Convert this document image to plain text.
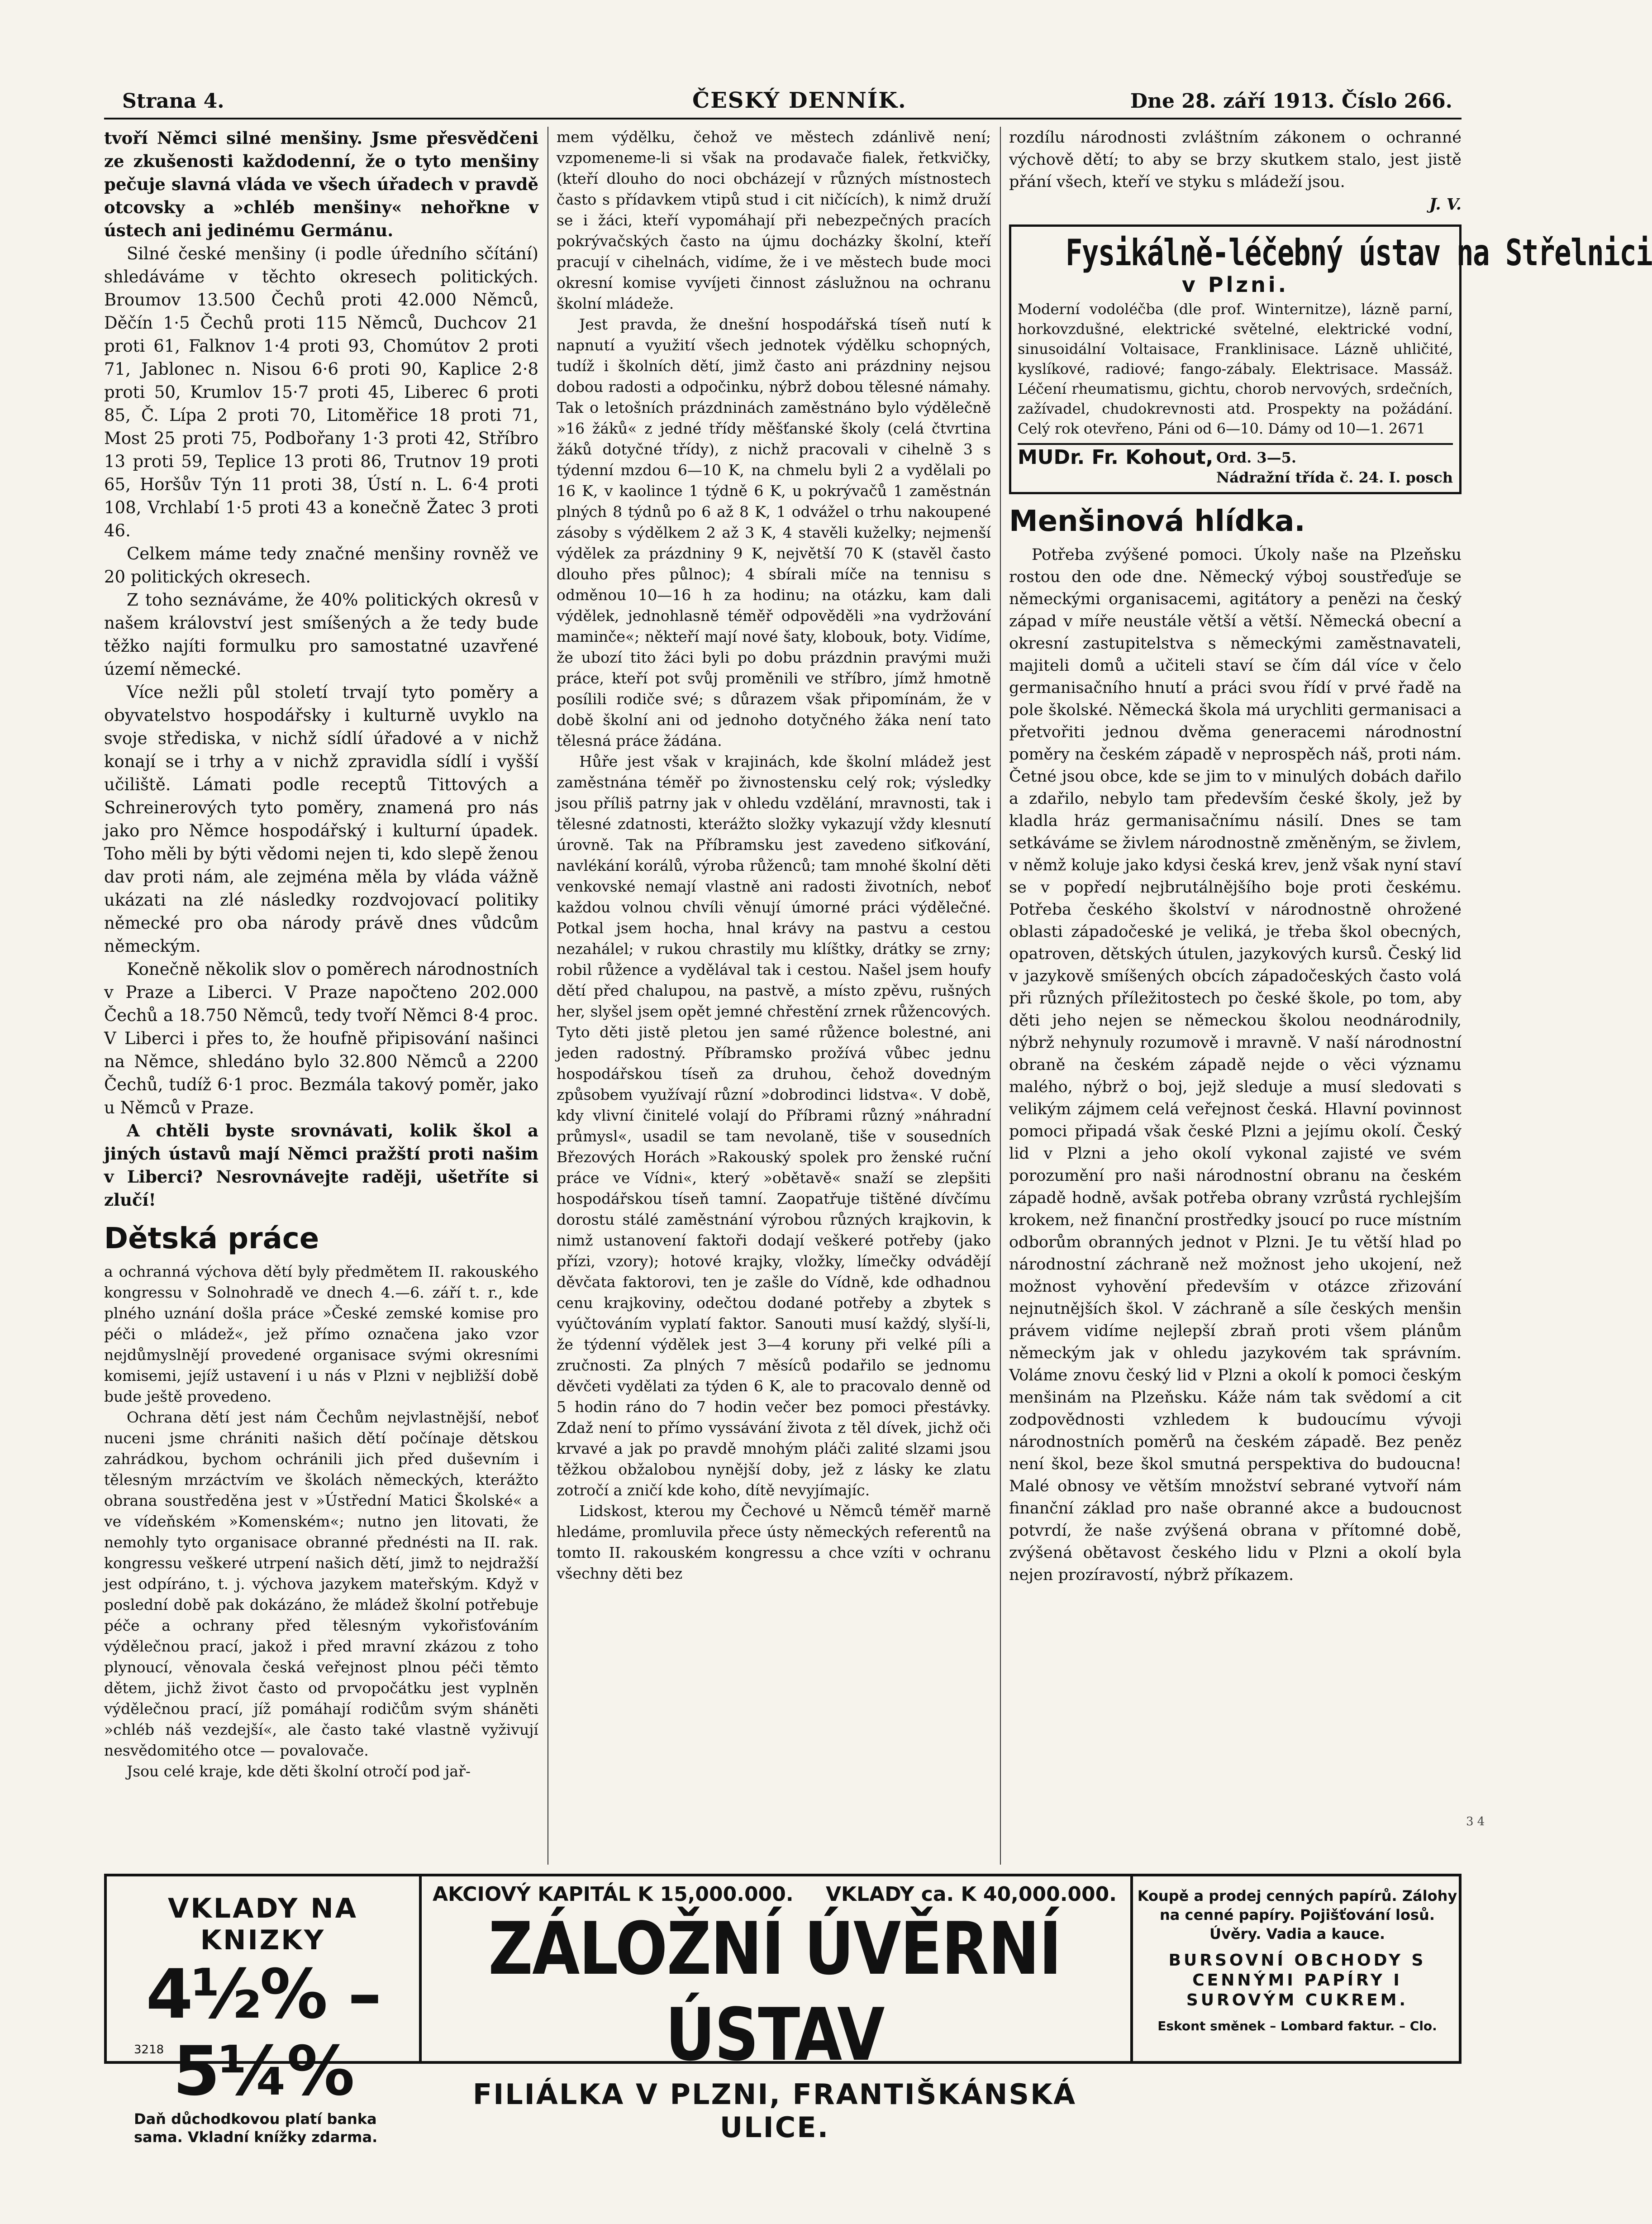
Strana 4.	ČESKÝ DENNÍK.	Dne 28. září 1913. Číslo 266.

tvoří Němci silné menšiny. Jsme přesvědčeni ze zkušenosti každodenní, že o tyto menšiny pečuje slavná vláda ve všech úřadech v pravdě otcovsky a »chléb menšiny« nehořkne v ústech ani jedinému Germánu.

Silné české menšiny (i podle úředního sčítání) shledáváme v těchto okresech politických. Broumov 13.500 Čechů proti 42.000 Němců, Děčín 1·5 Čechů proti 115 Němců, Duchcov 21 proti 61, Falknov 1·4 proti 93, Chomútov 2 proti 71, Jablonec n. Nisou 6·6 proti 90, Kaplice 2·8 proti 50, Krumlov 15·7 proti 45, Liberec 6 proti 85, Č. Lípa 2 proti 70, Litoměřice 18 proti 71, Most 25 proti 75, Podbořany 1·3 proti 42, Stříbro 13 proti 59, Teplice 13 proti 86, Trutnov 19 proti 65, Horšův Týn 11 proti 38, Ústí n. L. 6·4 proti 108, Vrchlabí 1·5 proti 43 a konečně Žatec 3 proti 46.

Celkem máme tedy značné menšiny rovněž ve 20 politických okresech.

Z toho seznáváme, že 40% politických okresů v našem království jest smíšených a že tedy bude těžko najíti formulku pro samostatné uzavřené území německé.

Více nežli půl století trvají tyto poměry a obyvatelstvo hospodářsky i kulturně uvyklo na svoje střediska, v nichž sídlí úřadové a v nichž konají se i trhy a v nichž zpravidla sídlí i vyšší učiliště. Lámati podle receptů Tittových a Schreinerových tyto poměry, znamená pro nás jako pro Němce hospodářský i kulturní úpadek. Toho měli by býti vědomi nejen ti, kdo slepě ženou dav proti nám, ale zejména měla by vláda vážně ukázati na zlé následky rozdvojovací politiky německé pro oba národy právě dnes vůdcům německým.

Konečně několik slov o poměrech národnostních v Praze a Liberci. V Praze napočteno 202.000 Čechů a 18.750 Němců, tedy tvoří Němci 8·4 proc. V Liberci i přes to, že houfně připisování našinci na Němce, shledáno bylo 32.800 Němců a 2200 Čechů, tudíž 6·1 proc. Bezmála takový poměr, jako u Němců v Praze.

A chtěli byste srovnávati, kolik škol a jiných ústavů mají Němci pražští proti našim v Liberci? Nesrovnávejte raději, ušetříte si zlučí!

Dětská práce

a ochranná výchova dětí byly předmětem II. rakouského kongressu v Solnohradě ve dnech 4.—6. září t. r., kde plného uznání došla práce »České zemské komise pro péči o mládež«, jež přímo označena jako vzor nejdůmyslnějí provedené organisace svými okresními komisemi, jejíž ustavení i u nás v Plzni v nejbližší době bude ještě provedeno.

Ochrana dětí jest nám Čechům nejvlastnější, neboť nuceni jsme chrániti našich dětí počínaje dětskou zahrádkou, bychom ochránili jich před duševním i tělesným mrzáctvím ve školách německých, kterážto obrana soustředěna jest v »Ústřední Matici Školské« a ve vídeňském »Komenském«; nutno jen litovati, že nemohly tyto organisace obranné přednésti na II. rak. kongressu veškeré utrpení našich dětí, jimž to nejdražší jest odpíráno, t. j. výchova jazykem mateřským. Když v poslední době pak dokázáno, že mládež školní potřebuje péče a ochrany před tělesným vykořisťováním výdělečnou prací, jakož i před mravní zkázou z toho plynoucí, věnovala česká veřejnost plnou péči těmto dětem, jichž život často od prvopočátku jest vyplněn výdělečnou prací, jíž pomáhají rodičům svým sháněti »chléb náš vezdejší«, ale často také vlastně vyživují nesvědomitého otce — povalovače.

Jsou celé kraje, kde děti školní otročí pod jař-

mem výdělku, čehož ve městech zdánlivě není; vzpomeneme-li si však na prodavače fialek, řetkvičky, (kteří dlouho do noci obcházejí v různých místnostech často s přídavkem vtipů stud i cit ničících), k nimž druží se i žáci, kteří vypomáhají při nebezpečných pracích pokrývačských často na újmu docházky školní, kteří pracují v cihelnách, vidíme, že i ve městech bude moci okresní komise vyvíjeti činnost záslužnou na ochranu školní mládeže.

Jest pravda, že dnešní hospodářská tíseň nutí k napnutí a využití všech jednotek výdělku schopných, tudíž i školních dětí, jimž často ani prázdniny nejsou dobou radosti a odpočinku, nýbrž dobou tělesné námahy. Tak o letošních prázdninách zaměstnáno bylo výdělečně »16 žáků« z jedné třídy měšťanské školy (celá čtvrtina žáků dotyčné třídy), z nichž pracovali v cihelně 3 s týdenní mzdou 6—10 K, na chmelu byli 2 a vydělali po 16 K, v kaolince 1 týdně 6 K, u pokrývačů 1 zaměstnán plných 8 týdnů po 6 až 8 K, 1 odvážel o trhu nakoupené zásoby s výdělkem 2 až 3 K, 4 stavěli kuželky; nejmenší výdělek za prázdniny 9 K, největší 70 K (stavěl často dlouho přes půlnoc); 4 sbírali míče na tennisu s odměnou 10—16 h za hodinu; na otázku, kam dali výdělek, jednohlasně téměř odpověděli »na vydržování maminče«; někteří mají nové šaty, klobouk, boty. Vidíme, že ubozí tito žáci byli po dobu prázdnin pravými muži práce, kteří pot svůj proměnili ve stříbro, jímž hmotně posílili rodiče své; s důrazem však připomínám, že v době školní ani od jednoho dotyčného žáka není tato tělesná práce žádána.

Hůře jest však v krajinách, kde školní mládež jest zaměstnána téměř po živnostensku celý rok; výsledky jsou příliš patrny jak v ohledu vzdělání, mravnosti, tak i tělesné zdatnosti, kterážto složky vykazují vždy klesnutí úrovně. Tak na Příbramsku jest zavedeno siťkování, navlékání korálů, výroba růženců; tam mnohé školní děti venkovské nemají vlastně ani radosti životních, neboť každou volnou chvíli věnují úmorné práci výdělečné. Potkal jsem hocha, hnal krávy na pastvu a cestou nezahálel; v rukou chrastily mu klíštky, drátky se zrny; robil růžence a vydělával tak i cestou. Našel jsem houfy dětí před chalupou, na pastvě, a místo zpěvu, rušných her, slyšel jsem opět jemné chřestění zrnek růžencových. Tyto děti jistě pletou jen samé růžence bolestné, ani jeden radostný. Příbramsko prožívá vůbec jednu hospodářskou tíseň za druhou, čehož dovedným způsobem využívají různí »dobrodinci lidstva«. V době, kdy vlivní činitelé volají do Příbrami různý »náhradní průmysl«, usadil se tam nevolaně, tiše v sousedních Březových Horách »Rakouský spolek pro ženské ruční práce ve Vídni«, který »obětavě« snaží se zlepšiti hospodářskou tíseň tamní. Zaopatřuje tištěné dívčímu dorostu stálé zaměstnání výrobou různých krajkovin, k nimž ustanovení faktoři dodají veškeré potřeby (jako přízi, vzory); hotové krajky, vložky, límečky odvádějí děvčata faktorovi, ten je zašle do Vídně, kde odhadnou cenu krajkoviny, odečtou dodané potřeby a zbytek s vyúčtováním vyplatí faktor. Sanouti musí každý, slyší-li, že týdenní výdělek jest 3—4 koruny při velké píli a zručnosti. Za plných 7 měsíců podařilo se jednomu děvčeti vydělati za týden 6 K, ale to pracovalo denně od 5 hodin ráno do 7 hodin večer bez pomoci přestávky. Zdaž není to přímo vyssávání života z těl dívek, jichž oči krvavé a jak po pravdě mnohým pláči zalité slzami jsou těžkou obžalobou nynější doby, jež z lásky ke zlatu zotročí a zničí kde koho, dítě nevyjímajíc.

Lidskost, kterou my Čechové u Němců téměř marně hledáme, promluvila přece ústy německých referentů na tomto II. rakouském kongressu a chce vzíti v ochranu všechny děti bez

rozdílu národnosti zvláštním zákonem o ochranné výchově dětí; to aby se brzy skutkem stalo, jest jistě přání všech, kteří ve styku s mládeží jsou.

J. V.
Fysikálně-léčebný ústav na Střelnici
v Plzni.
Moderní vodoléčba (dle prof. Winternitze), lázně parní, horkovzdušné, elektrické světelné, elektrické vodní, sinusoidální Voltaisace, Franklinisace. Lázně uhličité, kyslíkové, radiové; fango-zábaly. Elektrisace. Massáž. Léčení rheumatismu, gichtu, chorob nervových, srdečních, zažívadel, chudokrevnosti atd. Prospekty na požádání. Celý rok otevřeno, Páni od 6—10. Dámy od 10—1. 2671
MUDr. Fr. Kohout, Ord. 3—5.
Nádražní třída č. 24. I. posch
Menšinová hlídka.

Potřeba zvýšené pomoci. Úkoly naše na Plzeňsku rostou den ode dne. Německý výboj soustřeďuje se německými organisacemi, agitátory a penězi na český západ v míře neustále větší a větší. Německá obecní a okresní zastupitelstva s německými zaměstnavateli, majiteli domů a učiteli staví se čím dál více v čelo germanisačního hnutí a práci svou řídí v prvé řadě na pole školské. Německá škola má urychliti germanisaci a přetvořiti jednou dvěma generacemi národnostní poměry na českém západě v neprospěch náš, proti nám. Četné jsou obce, kde se jim to v minulých dobách dařilo a zdařilo, nebylo tam především české školy, jež by kladla hráz germanisačnímu násilí. Dnes se tam setkáváme se živlem národnostně změněným, se živlem, v němž koluje jako kdysi česká krev, jenž však nyní staví se v popředí nejbrutálnějšího boje proti českému. Potřeba českého školství v národnostně ohrožené oblasti západočeské je veliká, je třeba škol obecných, opatroven, dětských útulen, jazykových kursů. Český lid v jazykově smíšených obcích západočeských často volá při různých příležitostech po české škole, po tom, aby děti jeho nejen se německou školou neodnárodnily, nýbrž nehynuly rozumově i mravně. V naší národnostní obraně na českém západě nejde o věci významu malého, nýbrž o boj, jejž sleduje a musí sledovati s velikým zájmem celá veřejnost česká. Hlavní povinnost pomoci připadá však české Plzni a jejímu okolí. Český lid v Plzni a jeho okolí vykonal zajisté ve svém porozumění pro naši národnostní obranu na českém západě hodně, avšak potřeba obrany vzrůstá rychlejším krokem, než finanční prostředky jsoucí po ruce místním odborům obranných jednot v Plzni. Je tu větší hlad po národnostní záchraně než možnost jeho ukojení, než možnost vyhovění především v otázce zřizování nejnutnějších škol. V záchraně a síle českých menšin právem vidíme nejlepší zbraň proti všem plánům německým jak v ohledu jazykovém tak správním. Voláme znovu český lid v Plzni a okolí k pomoci českým menšinám na Plzeňsku. Káže nám tak svědomí a cit zodpovědnosti vzhledem k budoucímu vývoji národnostních poměrů na českém západě. Bez peněz není škol, beze škol smutná perspektiva do budoucna! Malé obnosy ve větším množství sebrané vytvoří nám finanční základ pro naše obranné akce a budoucnost potvrdí, že naše zvýšená obrana v přítomné době, zvýšená obětavost českého lidu v Plzni a okolí byla nejen prozíravostí, nýbrž příkazem.

VKLADY NA KNIZKY
4½% – 5¼%
Daň důchodkovou platí banka
sama. Vkladní knížky zdarma.
3218
AKCIOVÝ KAPITÁL K 15,000.000. VKLADY ca. K 40,000.000.
ZÁLOŽNÍ ÚVĚRNÍ ÚSTAV
FILIÁLKA V PLZNI, FRANTIŠKÁNSKÁ ULICE.
Koupě a prodej cenných papírů. Zálohy na cenné papíry. Pojišťování losů. Úvěry. Vadia a kauce.
BURSOVNÍ OBCHODY S CENNÝMI PAPÍRY I SUROVÝM CUKREM.
Eskont směnek – Lombard faktur. – Clo.
3 4
